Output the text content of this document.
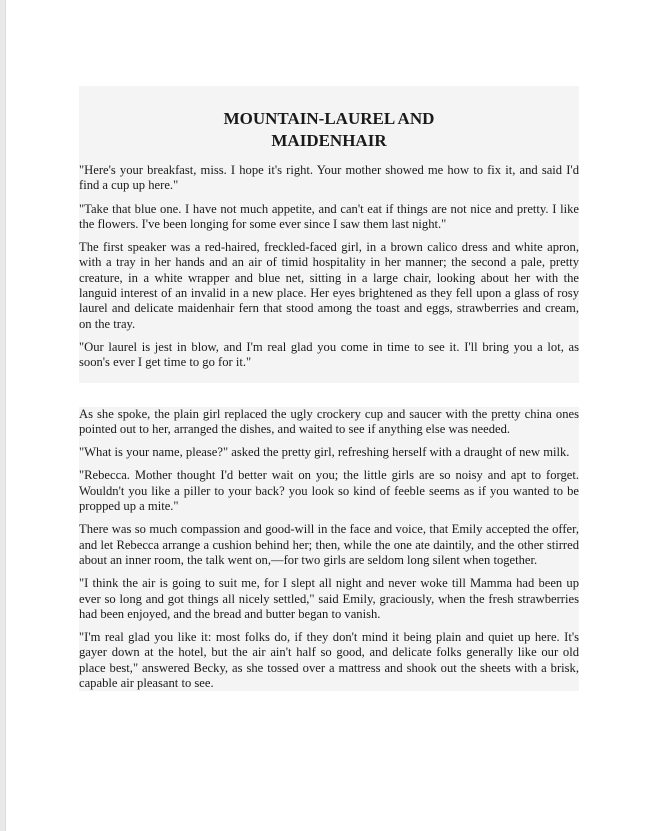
MOUNTAIN-LAUREL AND
MAIDENHAIR

"Here's your breakfast, miss. I hope it's right. Your mother showed me how to fix it, and said I'd find a cup up here."

"Take that blue one. I have not much appetite, and can't eat if things are not nice and pretty. I like the flowers. I've been longing for some ever since I saw them last night."

The first speaker was a red-haired, freckled-faced girl, in a brown calico dress and white apron, with a tray in her hands and an air of timid hospitality in her manner; the second a pale, pretty creature, in a white wrapper and blue net, sitting in a large chair, looking about her with the languid interest of an invalid in a new place. Her eyes brightened as they fell upon a glass of rosy laurel and delicate maidenhair fern that stood among the toast and eggs, strawberries and cream, on the tray.

"Our laurel is jest in blow, and I'm real glad you come in time to see it. I'll bring you a lot, as soon's ever I get time to go for it."

As she spoke, the plain girl replaced the ugly crockery cup and saucer with the pretty china ones pointed out to her, arranged the dishes, and waited to see if anything else was needed.

"What is your name, please?" asked the pretty girl, refreshing herself with a draught of new milk.

"Rebecca. Mother thought I'd better wait on you; the little girls are so noisy and apt to forget. Wouldn't you like a piller to your back? you look so kind of feeble seems as if you wanted to be propped up a mite."

There was so much compassion and good-will in the face and voice, that Emily accepted the offer, and let Rebecca arrange a cushion behind her; then, while the one ate daintily, and the other stirred about an inner room, the talk went on,—for two girls are seldom long silent when together.

"I think the air is going to suit me, for I slept all night and never woke till Mamma had been up ever so long and got things all nicely settled," said Emily, graciously, when the fresh strawberries had been enjoyed, and the bread and butter began to vanish.

"I'm real glad you like it: most folks do, if they don't mind it being plain and quiet up here. It's gayer down at the hotel, but the air ain't half so good, and delicate folks generally like our old place best," answered Becky, as she tossed over a mattress and shook out the sheets with a brisk, capable air pleasant to see.
